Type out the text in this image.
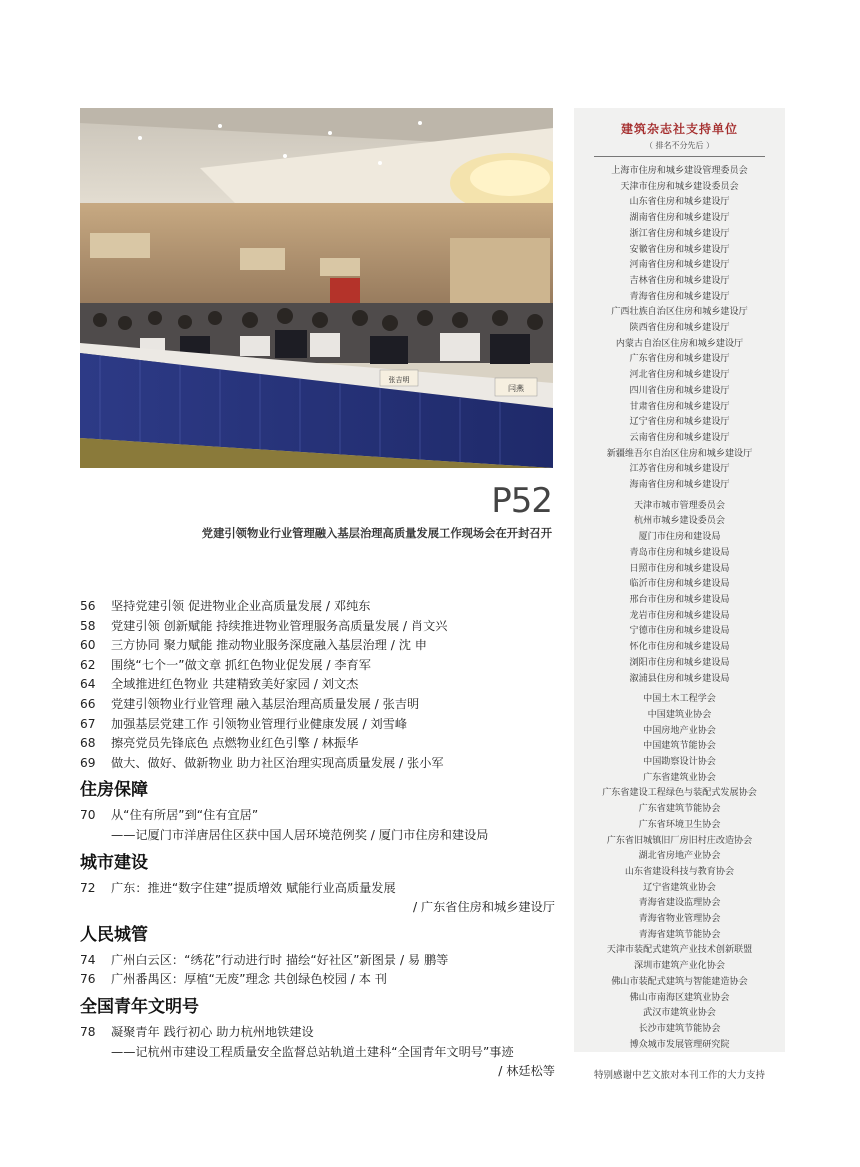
张吉明
闫燕
P52
党建引领物业行业管理融入基层治理高质量发展工作现场会在开封召开
56	坚持党建引领 促进物业企业高质量发展 / 邓纯东
58	党建引领 创新赋能 持续推进物业管理服务高质量发展 / 肖文兴
60	三方协同 聚力赋能 推动物业服务深度融入基层治理 / 沈 申
62	围绕“七个一”做文章 抓红色物业促发展 / 李育军
64	全域推进红色物业 共建精致美好家园 / 刘文杰
66	党建引领物业行业管理 融入基层治理高质量发展 / 张吉明
67	加强基层党建工作 引领物业管理行业健康发展 / 刘雪峰
68	擦亮党员先锋底色 点燃物业红色引擎 / 林振华
69	做大、做好、做新物业 助力社区治理实现高质量发展 / 张小军
住房保障
70	从“住有所居”到“住有宜居”
——记厦门市洋唐居住区获中国人居环境范例奖 / 厦门市住房和建设局
城市建设
72	广东：推进“数字住建”提质增效 赋能行业高质量发展
/ 广东省住房和城乡建设厅
人民城管
74	广州白云区：“绣花”行动进行时 描绘“好社区”新图景 / 易 鹏等
76	广州番禺区：厚植“无废”理念 共创绿色校园 / 本 刊
全国青年文明号
78	凝聚青年 践行初心 助力杭州地铁建设
——记杭州市建设工程质量安全监督总站轨道土建科“全国青年文明号”事迹
/ 林廷松等
建筑杂志社支持单位
（ 排名不分先后 ）
上海市住房和城乡建设管理委员会
天津市住房和城乡建设委员会
山东省住房和城乡建设厅
湖南省住房和城乡建设厅
浙江省住房和城乡建设厅
安徽省住房和城乡建设厅
河南省住房和城乡建设厅
吉林省住房和城乡建设厅
青海省住房和城乡建设厅
广西壮族自治区住房和城乡建设厅
陕西省住房和城乡建设厅
内蒙古自治区住房和城乡建设厅
广东省住房和城乡建设厅
河北省住房和城乡建设厅
四川省住房和城乡建设厅
甘肃省住房和城乡建设厅
辽宁省住房和城乡建设厅
云南省住房和城乡建设厅
新疆维吾尔自治区住房和城乡建设厅
江苏省住房和城乡建设厅
海南省住房和城乡建设厅
天津市城市管理委员会
杭州市城乡建设委员会
厦门市住房和建设局
青岛市住房和城乡建设局
日照市住房和城乡建设局
临沂市住房和城乡建设局
邢台市住房和城乡建设局
龙岩市住房和城乡建设局
宁德市住房和城乡建设局
怀化市住房和城乡建设局
浏阳市住房和城乡建设局
溆浦县住房和城乡建设局
中国土木工程学会
中国建筑业协会
中国房地产业协会
中国建筑节能协会
中国勘察设计协会
广东省建筑业协会
广东省建设工程绿色与装配式发展协会
广东省建筑节能协会
广东省环境卫生协会
广东省旧城镇旧厂房旧村庄改造协会
湖北省房地产业协会
山东省建设科技与教育协会
辽宁省建筑业协会
青海省建设监理协会
青海省物业管理协会
青海省建筑节能协会
天津市装配式建筑产业技术创新联盟
深圳市建筑产业化协会
佛山市装配式建筑与智能建造协会
佛山市南海区建筑业协会
武汉市建筑业协会
长沙市建筑节能协会
博众城市发展管理研究院
特别感谢中艺文旅对本刊工作的大力支持
